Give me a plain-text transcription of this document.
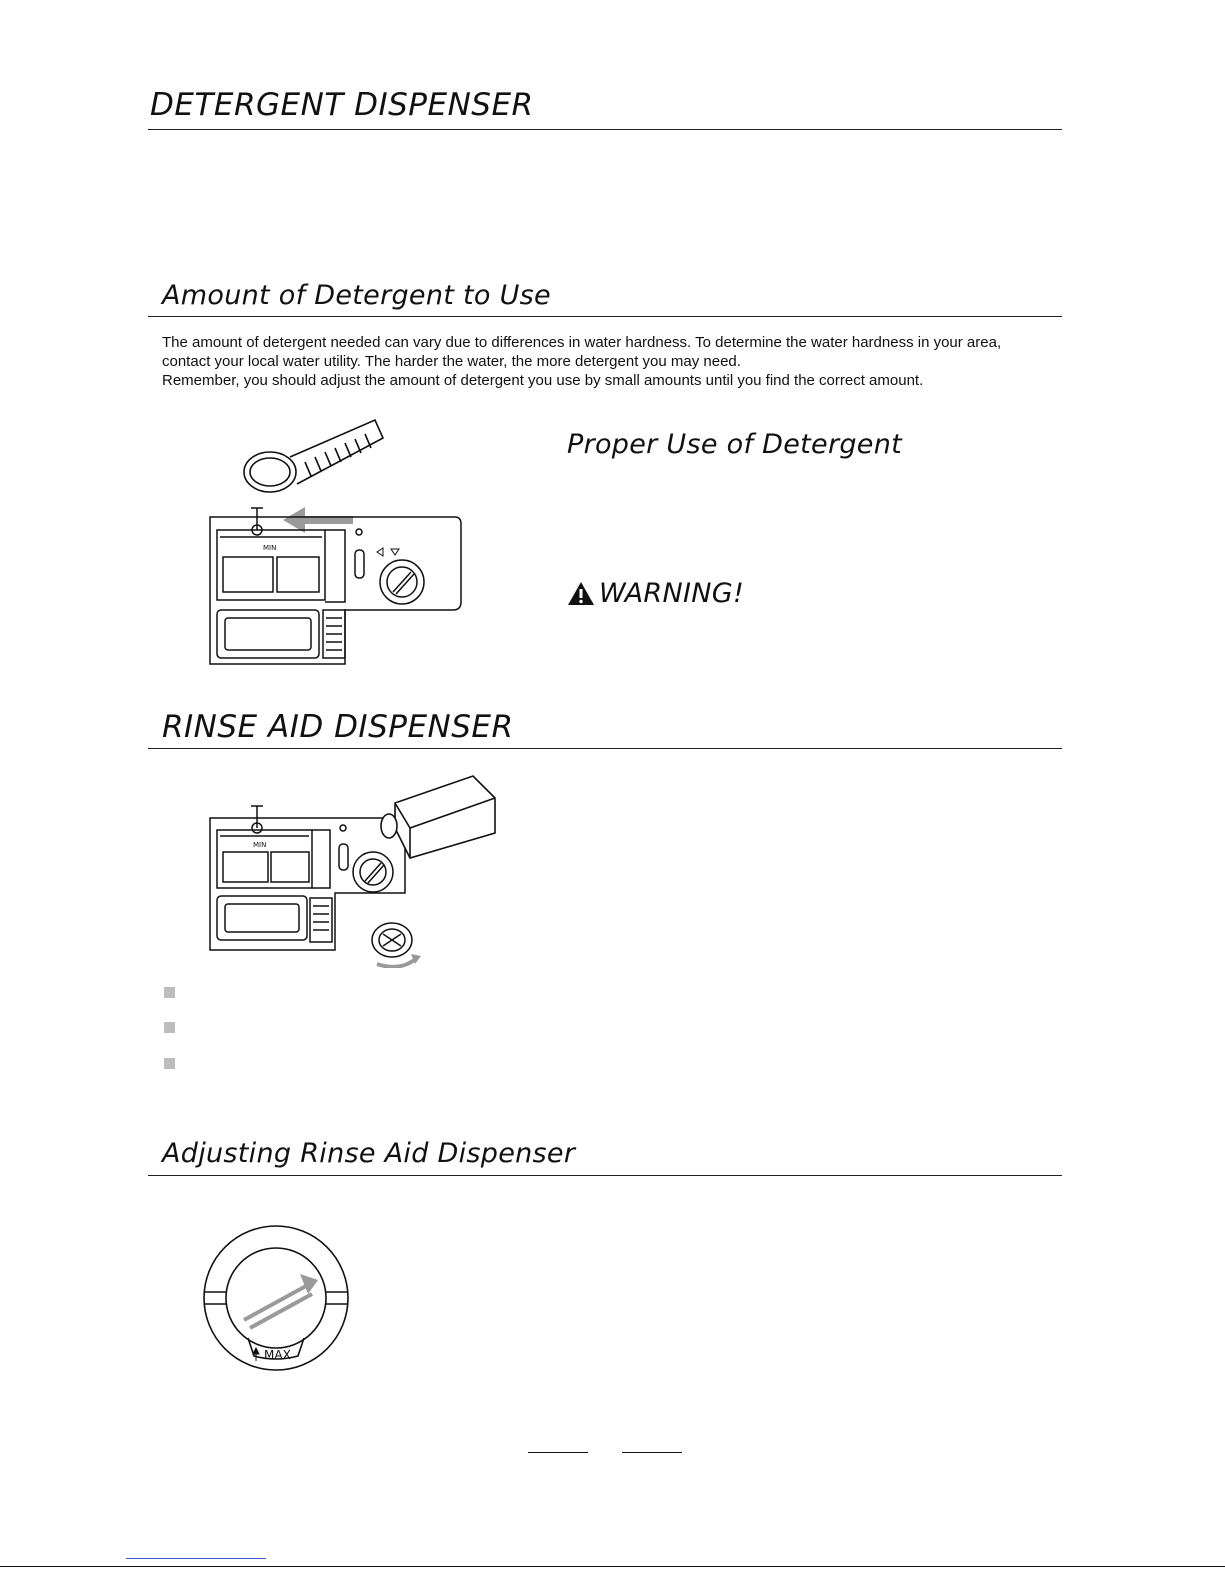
DETERGENT DISPENSER
Amount of Detergent to Use

The amount of detergent needed can vary due to differences in water hardness. To determine the water hardness in your area,

contact your local water utility. The harder the water, the more detergent you may need.

Remember, you should adjust the amount of detergent you use by small amounts until you find the correct amount.

MIN
Proper Use of Detergent
WARNING!
RINSE AID DISPENSER
MIN
Adjusting Rinse Aid Dispenser
MAX
